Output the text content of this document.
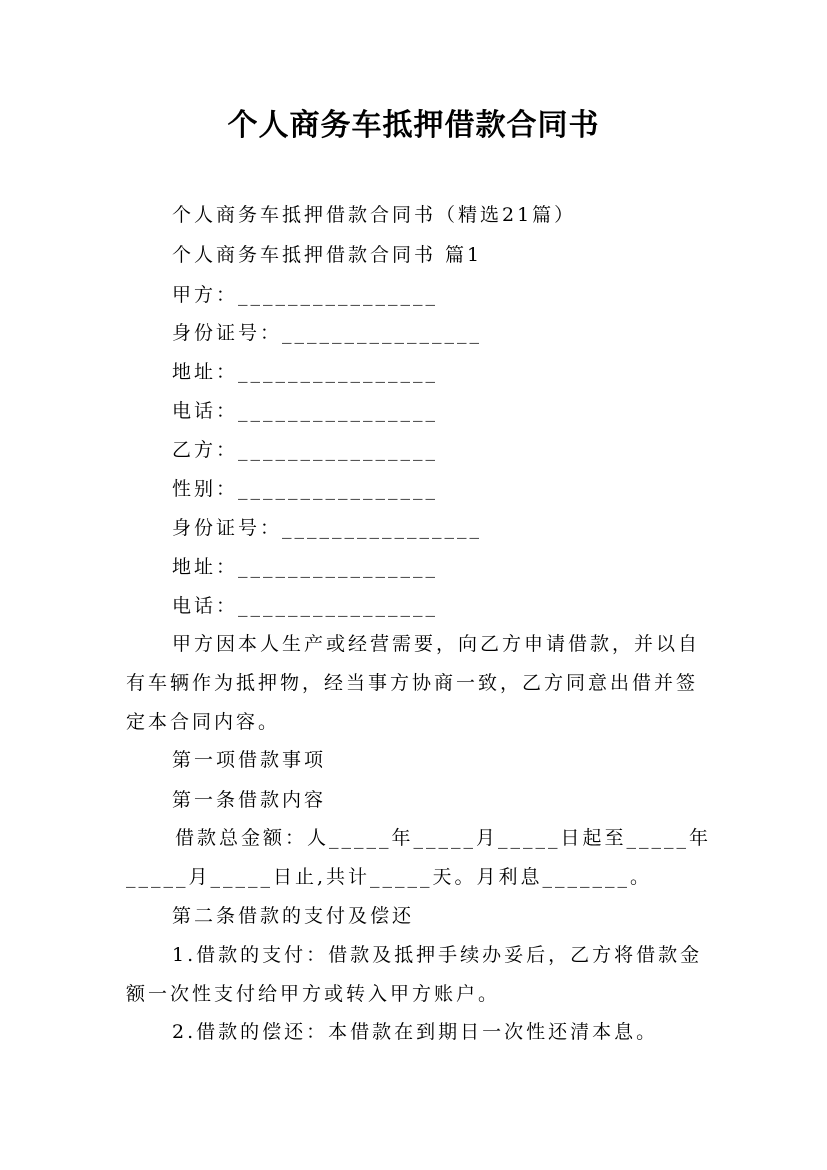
个人商务车抵押借款合同书
个人商务车抵押借款合同书（精选21篇）
个人商务车抵押借款合同书 篇1
甲方：________________
身份证号：________________
地址：________________
电话：________________
乙方：________________
性别：________________
身份证号：________________
地址：________________
电话：________________
甲方因本人生产或经营需要，向乙方申请借款，并以自
有车辆作为抵押物，经当事方协商一致，乙方同意出借并签
定本合同内容。
第一项借款事项
第一条借款内容
借款总金额：人_____年_____月_____日起至_____年
_____月_____日止,共计_____天。月利息_______。
第二条借款的支付及偿还
1.借款的支付：借款及抵押手续办妥后，乙方将借款金
额一次性支付给甲方或转入甲方账户。
2.借款的偿还：本借款在到期日一次性还清本息。
